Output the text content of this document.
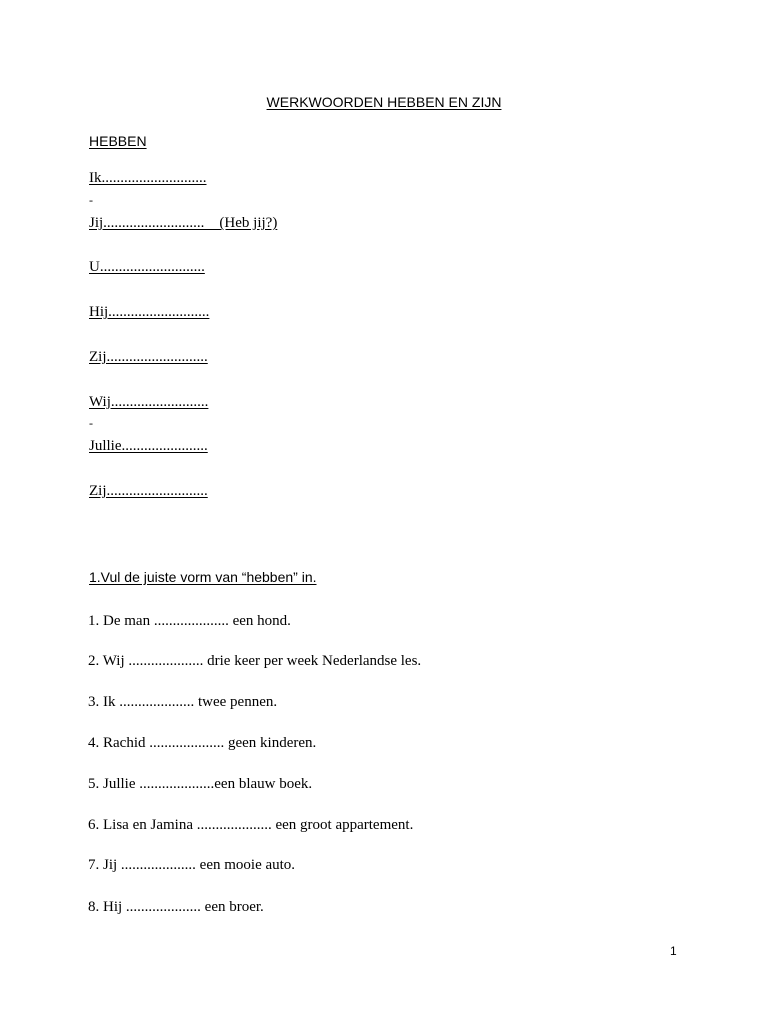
WERKWOORDEN HEBBEN EN ZIJN
HEBBEN
Ik............................
-
Jij...........................    (Heb jij?)
U............................
Hij...........................
Zij...........................
Wij..........................
-
Jullie.......................
Zij...........................
1.Vul de juiste vorm van “hebben” in.
1. De man .................... een hond.
2. Wij .................... drie keer per week Nederlandse les.
3. Ik .................... twee pennen.
4. Rachid .................... geen kinderen.
5. Jullie ....................een blauw boek.
6. Lisa en Jamina .................... een groot appartement.
7. Jij .................... een mooie auto.
8. Hij .................... een broer.
1
